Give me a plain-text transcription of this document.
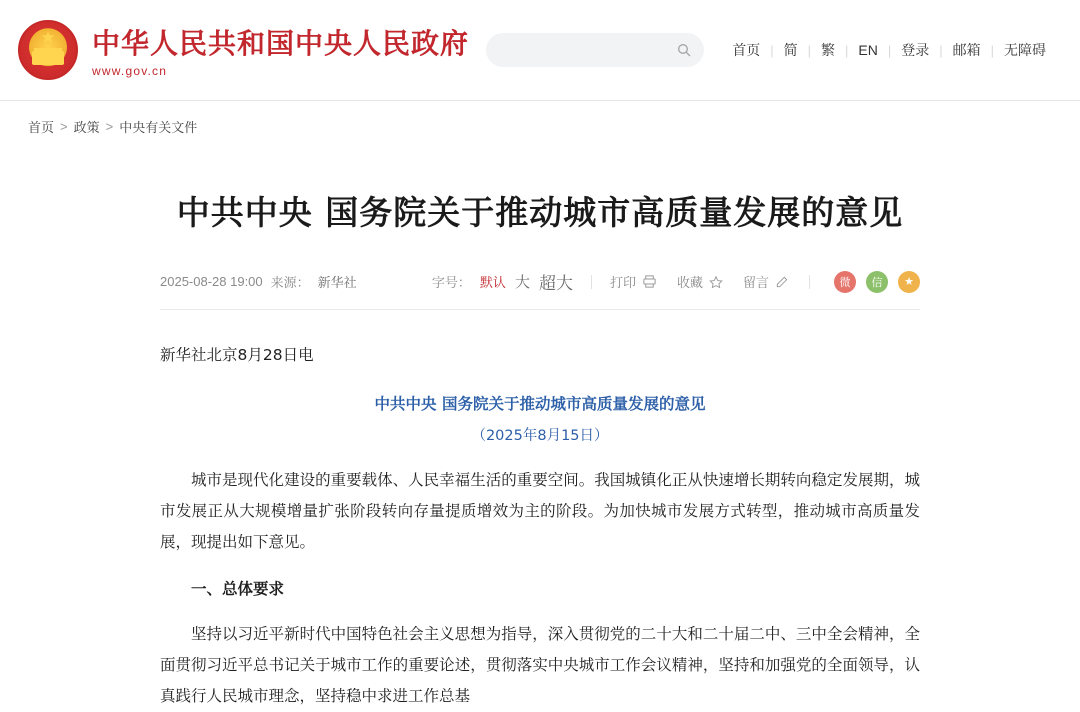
★
中华人民共和国中央人民政府
www.gov.cn
首页 | 简 | 繁 | EN | 登录 | 邮箱 | 无障碍
首页 > 政策 > 中央有关文件
中共中央 国务院关于推动城市高质量发展的意见
2025-08-28 19:00 来源： 新华社	字号： 默认 大 超大	打印	收藏	留言	微	信	★
新华社北京8月28日电
中共中央 国务院关于推动城市高质量发展的意见
（2025年8月15日）

城市是现代化建设的重要载体、人民幸福生活的重要空间。我国城镇化正从快速增长期转向稳定发展期，城市发展正从大规模增量扩张阶段转向存量提质增效为主的阶段。为加快城市发展方式转型，推动城市高质量发展，现提出如下意见。

一、总体要求

坚持以习近平新时代中国特色社会主义思想为指导，深入贯彻党的二十大和二十届二中、三中全会精神，全面贯彻习近平总书记关于城市工作的重要论述，贯彻落实中央城市工作会议精神，坚持和加强党的全面领导，认真践行人民城市理念，坚持稳中求进工作总基
